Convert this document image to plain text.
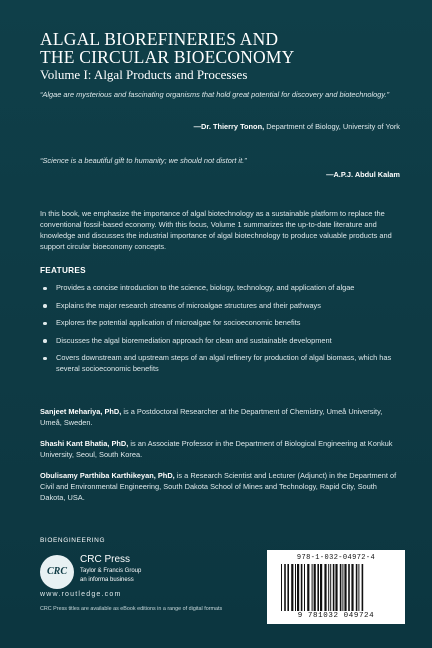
ALGAL BIOREFINERIES AND
THE CIRCULAR BIOECONOMY
Volume I: Algal Products and Processes
“Algae are mysterious and fascinating organisms that hold great potential for discovery and biotechnology.”
—Dr. Thierry Tonon, Department of Biology, University of York
“Science is a beautiful gift to humanity; we should not distort it.”
—A.P.J. Abdul Kalam
In this book, we emphasize the importance of algal biotechnology as a sustainable platform to replace the conventional fossil-based economy. With this focus, Volume 1 summarizes the up-to-date literature and knowledge and discusses the industrial importance of algal biotechnology to produce valuable products and support circular bioeconomy concepts.
FEATURES
Provides a concise introduction to the science, biology, technology, and application of algae
Explains the major research streams of microalgae structures and their pathways
Explores the potential application of microalgae for socioeconomic benefits
Discusses the algal bioremediation approach for clean and sustainable development
Covers downstream and upstream steps of an algal refinery for production of algal biomass, which has several socioeconomic benefits
Sanjeet Mehariya, PhD, is a Postdoctoral Researcher at the Department of Chemistry, Umeå University, Umeå, Sweden.
Shashi Kant Bhatia, PhD, is an Associate Professor in the Department of Biological Engineering at Konkuk University, Seoul, South Korea.
Obulisamy Parthiba Karthikeyan, PhD, is a Research Scientist and Lecturer (Adjunct) in the Department of Civil and Environmental Engineering, South Dakota School of Mines and Technology, Rapid City, South Dakota, USA.
BIOENGINEERING
CRC
CRC Press
Taylor & Francis Group
an informa business
www.routledge.com
CRC Press titles are available as eBook editions in a range of digital formats
978-1-032-04972-4
9 781032 049724
